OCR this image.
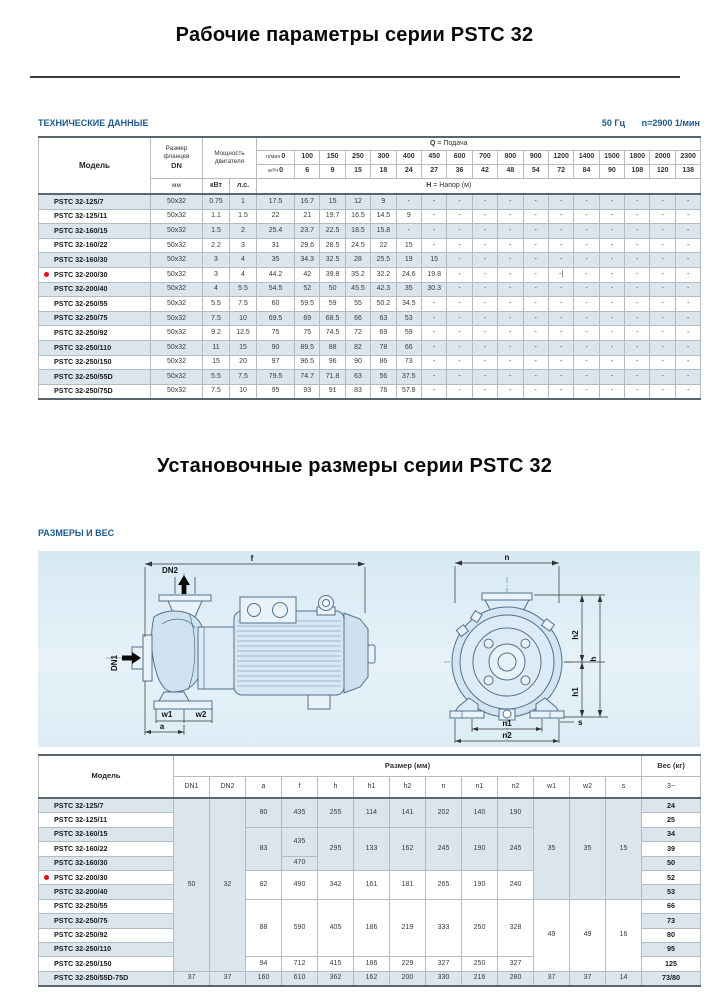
Рабочие параметры серии PSTC 32
ТЕХНИЧЕСКИЕ ДАННЫЕ	50 Гц n=2900 1/мин
Модель	Размер
фланцев
DN	Мощность
двигателя		Q = Подача																
				л/мин0	100	150	250	300	400	450	600	700	800	900	1200	1400	1500	1800	2000	2300
				м³/ч0	6	9	15	18	24	27	36	42	48	54	72	84	90	108	120	138
	мм	кВт	л.с.	H = Напор (м)																
PSTC 32-125/7	50x32	0.75	1	17.5	16.7	15	12	9	-	-	-	-	-	-	-	-	-	-	-	-
PSTC 32-125/11	50x32	1.1	1.5	22	21	19.7	16.5	14.5	9	-	-	-	-	-	-	-	-	-	-	-
PSTC 32-160/15	50x32	1.5	2	25.4	23.7	22.5	18.5	15.8	-	-	-	-	-	-	-	-	-	-	-	-
PSTC 32-160/22	50x32	2.2	3	31	29.6	28.5	24.5	22	15	-	-	-	-	-	-	-	-	-	-	-
PSTC 32-160/30	50x32	3	4	35	34.3	32.5	28	25.5	19	15	-	-	-	-	-	-	-	-	-	-

PSTC 32-200/30	50x32	3	4	44.2	42	39.8	35.2	32.2	24.6	19.8	-	-	-	-	-|	-	-	-	-	-
PSTC 32-200/40	50x32	4	5.5	54.5	52	50	45.5	42.3	35	30.3	-	-	-	-	-	-	-	-	-	-
PSTC 32-250/55	50x32	5.5	7.5	60	59.5	59	55	50.2	34.5	-	-	-	-	-	-	-	-	-	-	-
PSTC 32-250/75	50x32	7.5	10	69.5	69	68.5	66	63	53	-	-	-	-	-	-	-	-	-	-	-
PSTC 32-250/92	50x32	9.2	12.5	75	75	74.5	72	69	59	-	-	-	-	-	-	-	-	-	-	-
PSTC 32-250/110	50x32	11	15	90	89.5	88	82	78	66	-	-	-	-	-	-	-	-	-	-	-
PSTC 32-250/150	50x32	15	20	97	96.5	96	90	86	73	-	-	-	-	-	-	-	-	-	-	-
PSTC 32-250/55D	50x32	5.5	7.5	79.5	74.7	71.8	63	56	37.5	-	-	-	-	-	-	-	-	-	-	-
PSTC 32-250/75D	50x32	7.5	10	95	93	91	83	76	57.8	-	-	-	-	-	-	-	-	-	-	-
Установочные размеры серии PSTC 32
РАЗМЕРЫ И ВЕС
f
DN2
DN1
w1	w2
a
n
h2
h
h1
n1
n2
s
Модель	Размер (мм)													Вес (кг)
	DN1	DN2	a	f	h	h1	h2	n	n1	n2	w1	w2	s	3~
PSTC 32-125/7	50	32	80	435	255	114	141	202	140	190	35	35	15	24
PSTC 32-125/11														25
PSTC 32-160/15			83	435	295	133	162	245	190	245				34
PSTC 32-160/22														39
PSTC 32-160/30				470										50

PSTC 32-200/30			82	490	342	161	181	265	190	240				52
PSTC 32-200/40														53
PSTC 32-250/55			88	590	405	186	219	333	250	328	49	49	16	66
PSTC 32-250/75														73
PSTC 32-250/92														80
PSTC 32-250/110														95
PSTC 32-250/150			94	712	415	186	229	327	250	327				125
PSTC 32-250/55D-75D	37	37	160	610	362	162	200	330	216	280	37	37	14	73/80
